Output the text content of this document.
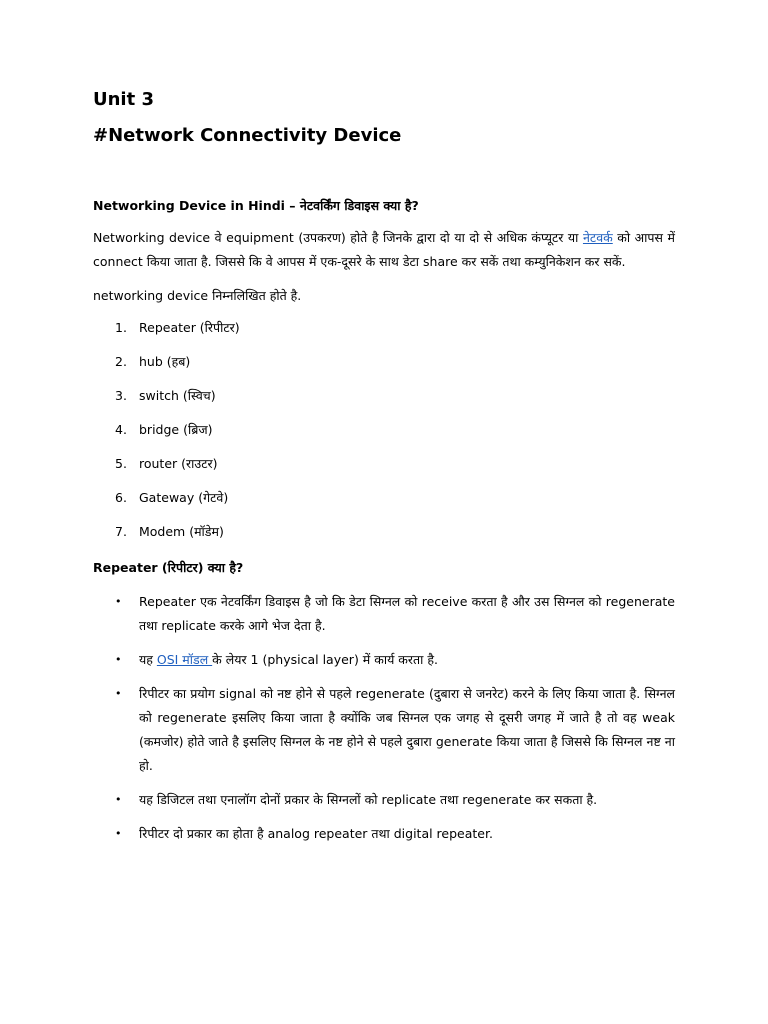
Unit 3
#Network Connectivity Device
Networking Device in Hindi – नेटवर्किंग डिवाइस क्या है?

Networking device वे equipment (उपकरण) होते है जिनके द्वारा दो या दो से अधिक कंप्यूटर या नेटवर्क को आपस में connect किया जाता है. जिससे कि वे आपस में एक-दूसरे के साथ डेटा share कर सकें तथा कम्युनिकेशन कर सकें.

networking device निम्नलिखित होते है.

1. Repeater (रिपीटर)
2. hub (हब)
3. switch (स्विच)
4. bridge (ब्रिज)
5. router (राउटर)
6. Gateway (गेटवे)
7. Modem (मॉडेम)
Repeater (रिपीटर) क्या है?
•	Repeater एक नेटवर्किंग डिवाइस है जो कि डेटा सिग्नल को receive करता है और उस सिग्नल को regenerate तथा replicate करके आगे भेज देता है.
•	यह OSI मॉडल के लेयर 1 (physical layer) में कार्य करता है.
•	रिपीटर का प्रयोग signal को नष्ट होने से पहले regenerate (दुबारा से जनरेट) करने के लिए किया जाता है. सिग्नल को regenerate इसलिए किया जाता है क्योंकि जब सिग्नल एक जगह से दूसरी जगह में जाते है तो वह weak (कमजोर) होते जाते है इसलिए सिग्नल के नष्ट होने से पहले दुबारा generate किया जाता है जिससे कि सिग्नल नष्ट ना हो.
•	यह डिजिटल तथा एनालॉग दोनों प्रकार के सिग्नलों को replicate तथा regenerate कर सकता है.
•	रिपीटर दो प्रकार का होता है analog repeater तथा digital repeater.
